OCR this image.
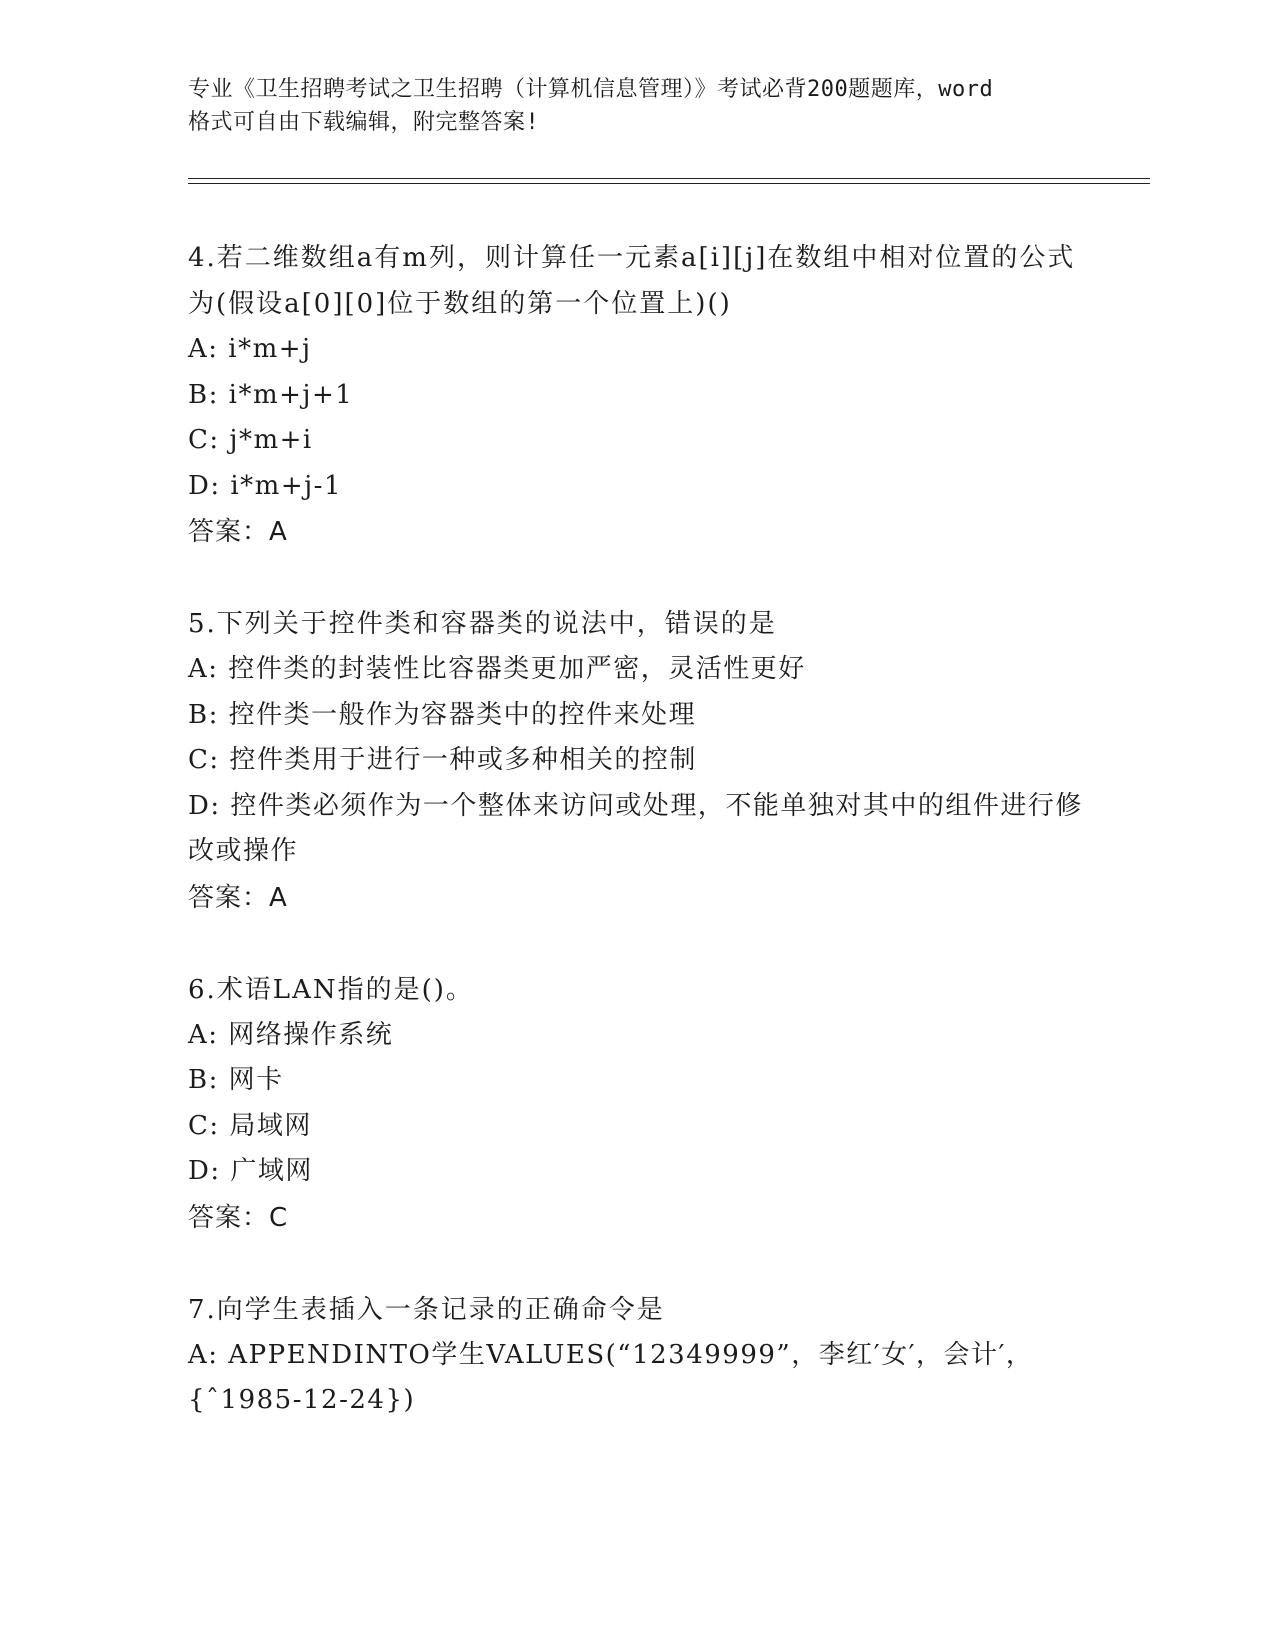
专业《卫生招聘考试之卫生招聘（计算机信息管理）》考试必背200题题库，word
格式可自由下载编辑，附完整答案!
4.若二维数组a有m列，则计算任一元素a[i][j]在数组中相对位置的公式为(假设a[0][0]位于数组的第一个位置上)()
A: i*m+j
B: i*m+j+1
C: j*m+i
D: i*m+j-1
答案：A
5.下列关于控件类和容器类的说法中，错误的是
A: 控件类的封装性比容器类更加严密，灵活性更好
B: 控件类一般作为容器类中的控件来处理
C: 控件类用于进行一种或多种相关的控制
D: 控件类必须作为一个整体来访问或处理，不能单独对其中的组件进行修改或操作
答案：A
6.术语LAN指的是()。
A: 网络操作系统
B: 网卡
C: 局域网
D: 广域网
答案：C
7.向学生表插入一条记录的正确命令是
A: APPENDINTO学生VALUES(“12349999”，李红′女′，会计′，{ˆ1985-12-24})
